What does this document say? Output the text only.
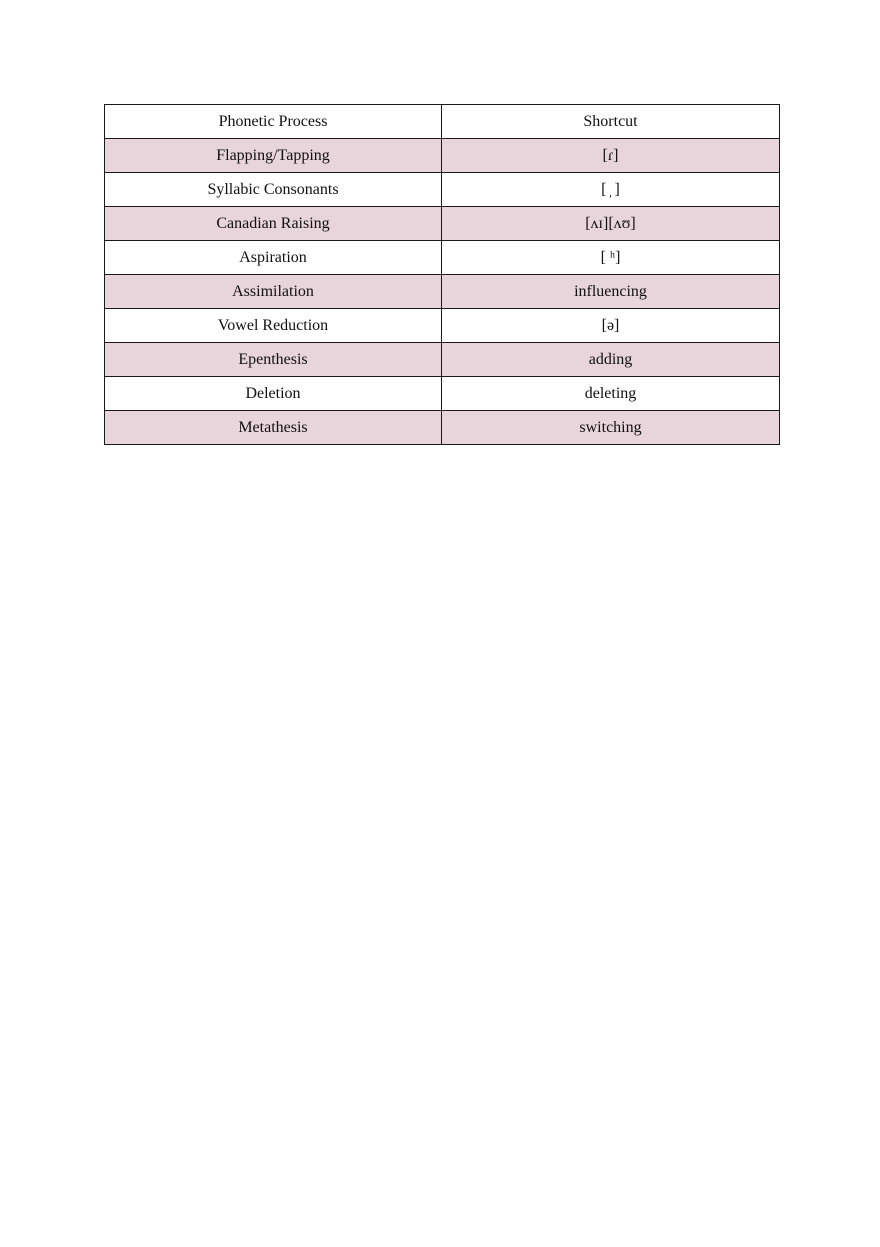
Phonetic Process	Shortcut
Flapping/Tapping	[ɾ]
Syllabic Consonants	[ ̩ ]
Canadian Raising	[ʌɪ][ʌʊ]
Aspiration	[ ʰ]
Assimilation	influencing
Vowel Reduction	[ə]
Epenthesis	adding
Deletion	deleting
Metathesis	switching
